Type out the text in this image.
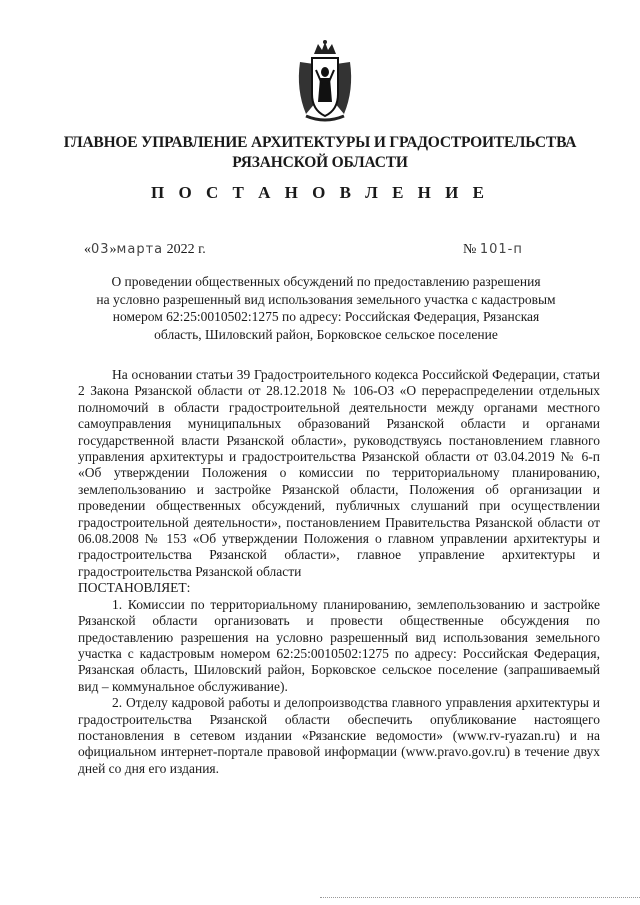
ГЛАВНОЕ УПРАВЛЕНИЕ АРХИТЕКТУРЫ И ГРАДОСТРОИТЕЛЬСТВА
РЯЗАНСКОЙ ОБЛАСТИ
П О С Т А Н О В Л Е Н И Е
«03»марта 2022 г.	№ 101-п
О проведении общественных обсуждений по предоставлению разрешения
на условно разрешенный вид использования земельного участка с кадастровым
номером 62:25:0010502:1275 по адресу: Российская Федерация, Рязанская
область, Шиловский район, Борковское сельское поселение

На основании статьи 39 Градостроительного кодекса Российской Федерации, статьи 2 Закона Рязанской области от 28.12.2018 № 106-ОЗ «О перераспределении отдельных полномочий в области градостроительной деятельности между органами местного самоуправления муниципальных образований Рязанской области и органами государственной власти Рязанской области», руководствуясь постановлением главного управления архитектуры и градостроительства Рязанской области от 03.04.2019 № 6-п «Об утверждении Положения о комиссии по территориальному планированию, землепользованию и застройке Рязанской области, Положения об организации и проведении общественных обсуждений, публичных слушаний при осуществлении градостроительной деятельности», постановлением Правительства Рязанской области от 06.08.2008 № 153 «Об утверждении Положения о главном управлении архитектуры и градостроительства Рязанской области», главное управление архитектуры и градостроительства Рязанской области

ПОСТАНОВЛЯЕТ:

1. Комиссии по территориальному планированию, землепользованию и застройке Рязанской области организовать и провести общественные обсуждения по предоставлению разрешения на условно разрешенный вид использования земельного участка с кадастровым номером 62:25:0010502:1275 по адресу: Российская Федерация, Рязанская область, Шиловский район, Борковское сельское поселение (запрашиваемый вид – коммунальное обслуживание).

2. Отделу кадровой работы и делопроизводства главного управления архитектуры и градостроительства Рязанской области обеспечить опубликование настоящего постановления в сетевом издании «Рязанские ведомости» (www.rv-ryazan.ru) и на официальном интернет-портале правовой информации (www.pravo.gov.ru) в течение двух дней со дня его издания.
